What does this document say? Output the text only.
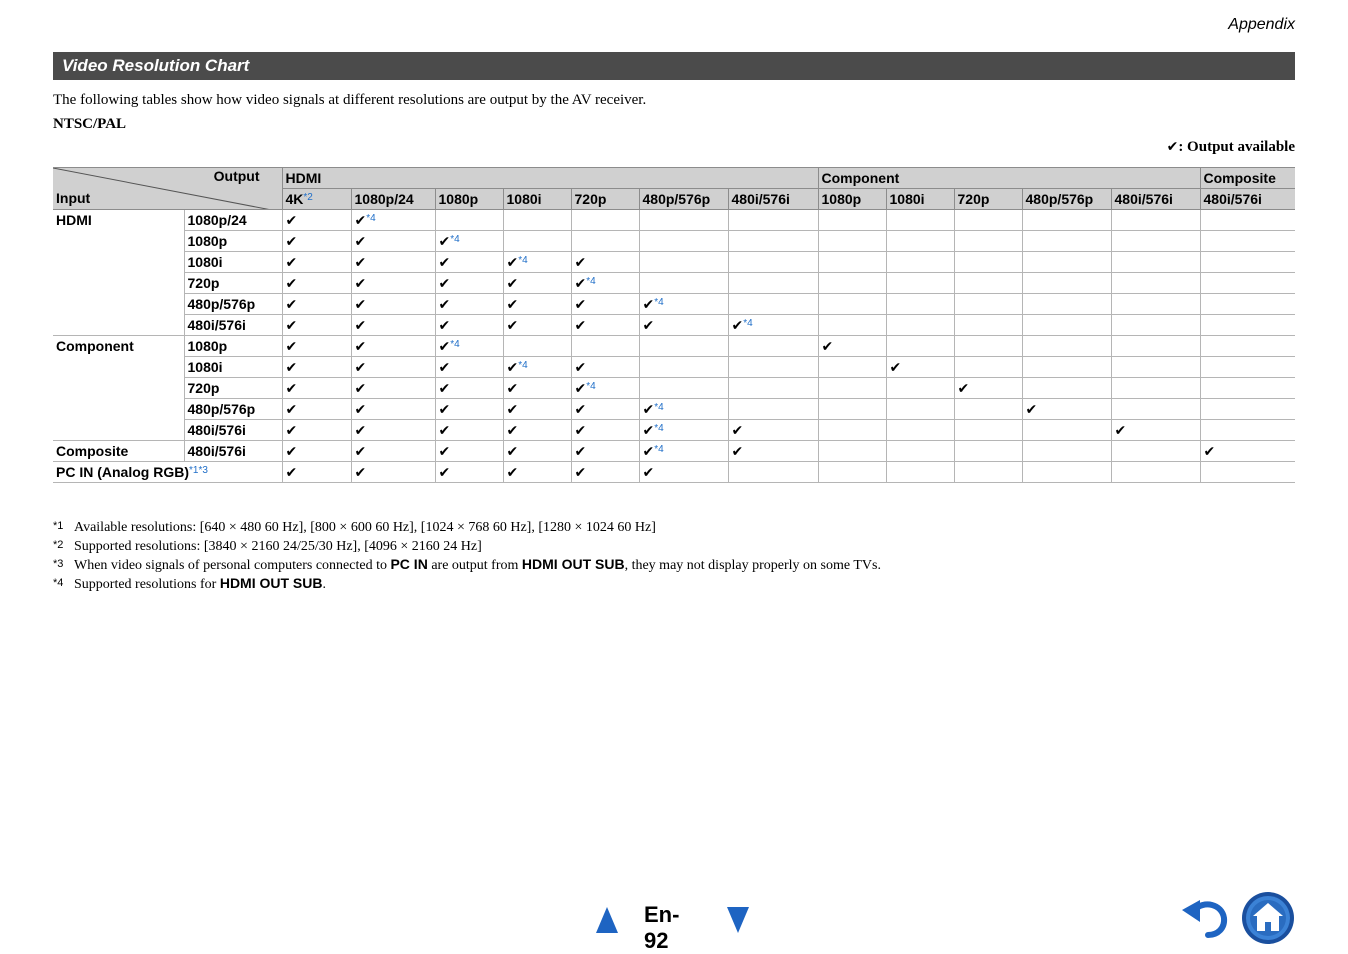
Appendix
Video Resolution Chart
The following tables show how video signals at different resolutions are output by the AV receiver.
NTSC/PAL
✔: Output available
Output
Input		HDMI							Component					Composite
		4K$^{*2}$	1080p/24	1080p	1080i	720p	480p/576p	480i/576i	1080p	1080i	720p	480p/576p	480i/576i	480i/576i
HDMI	1080p/24	✔	✔$^{*4}$											
	1080p	✔	✔	✔$^{*4}$										
	1080i	✔	✔	✔	✔$^{*4}$	✔								
	720p	✔	✔	✔	✔	✔$^{*4}$								
	480p/576p	✔	✔	✔	✔	✔	✔$^{*4}$							
	480i/576i	✔	✔	✔	✔	✔	✔	✔$^{*4}$						
Component	1080p	✔	✔	✔$^{*4}$					✔					
	1080i	✔	✔	✔	✔$^{*4}$	✔				✔				
	720p	✔	✔	✔	✔	✔$^{*4}$					✔			
	480p/576p	✔	✔	✔	✔	✔	✔$^{*4}$					✔		
	480i/576i	✔	✔	✔	✔	✔	✔$^{*4}$	✔					✔	
Composite	480i/576i	✔	✔	✔	✔	✔	✔$^{*4}$	✔						✔
PC IN (Analog RGB)$^{*1*3}$		✔	✔	✔	✔	✔	✔							
*1 Available resolutions: [640 × 480 60 Hz], [800 × 600 60 Hz], [1024 × 768 60 Hz], [1280 × 1024 60 Hz]
*2 Supported resolutions: [3840 × 2160 24/25/30 Hz], [4096 × 2160 24 Hz]
*3 When video signals of personal computers connected to PC IN are output from HDMI OUT SUB, they may not display properly on some TVs.
*4 Supported resolutions for HDMI OUT SUB.
En-92
